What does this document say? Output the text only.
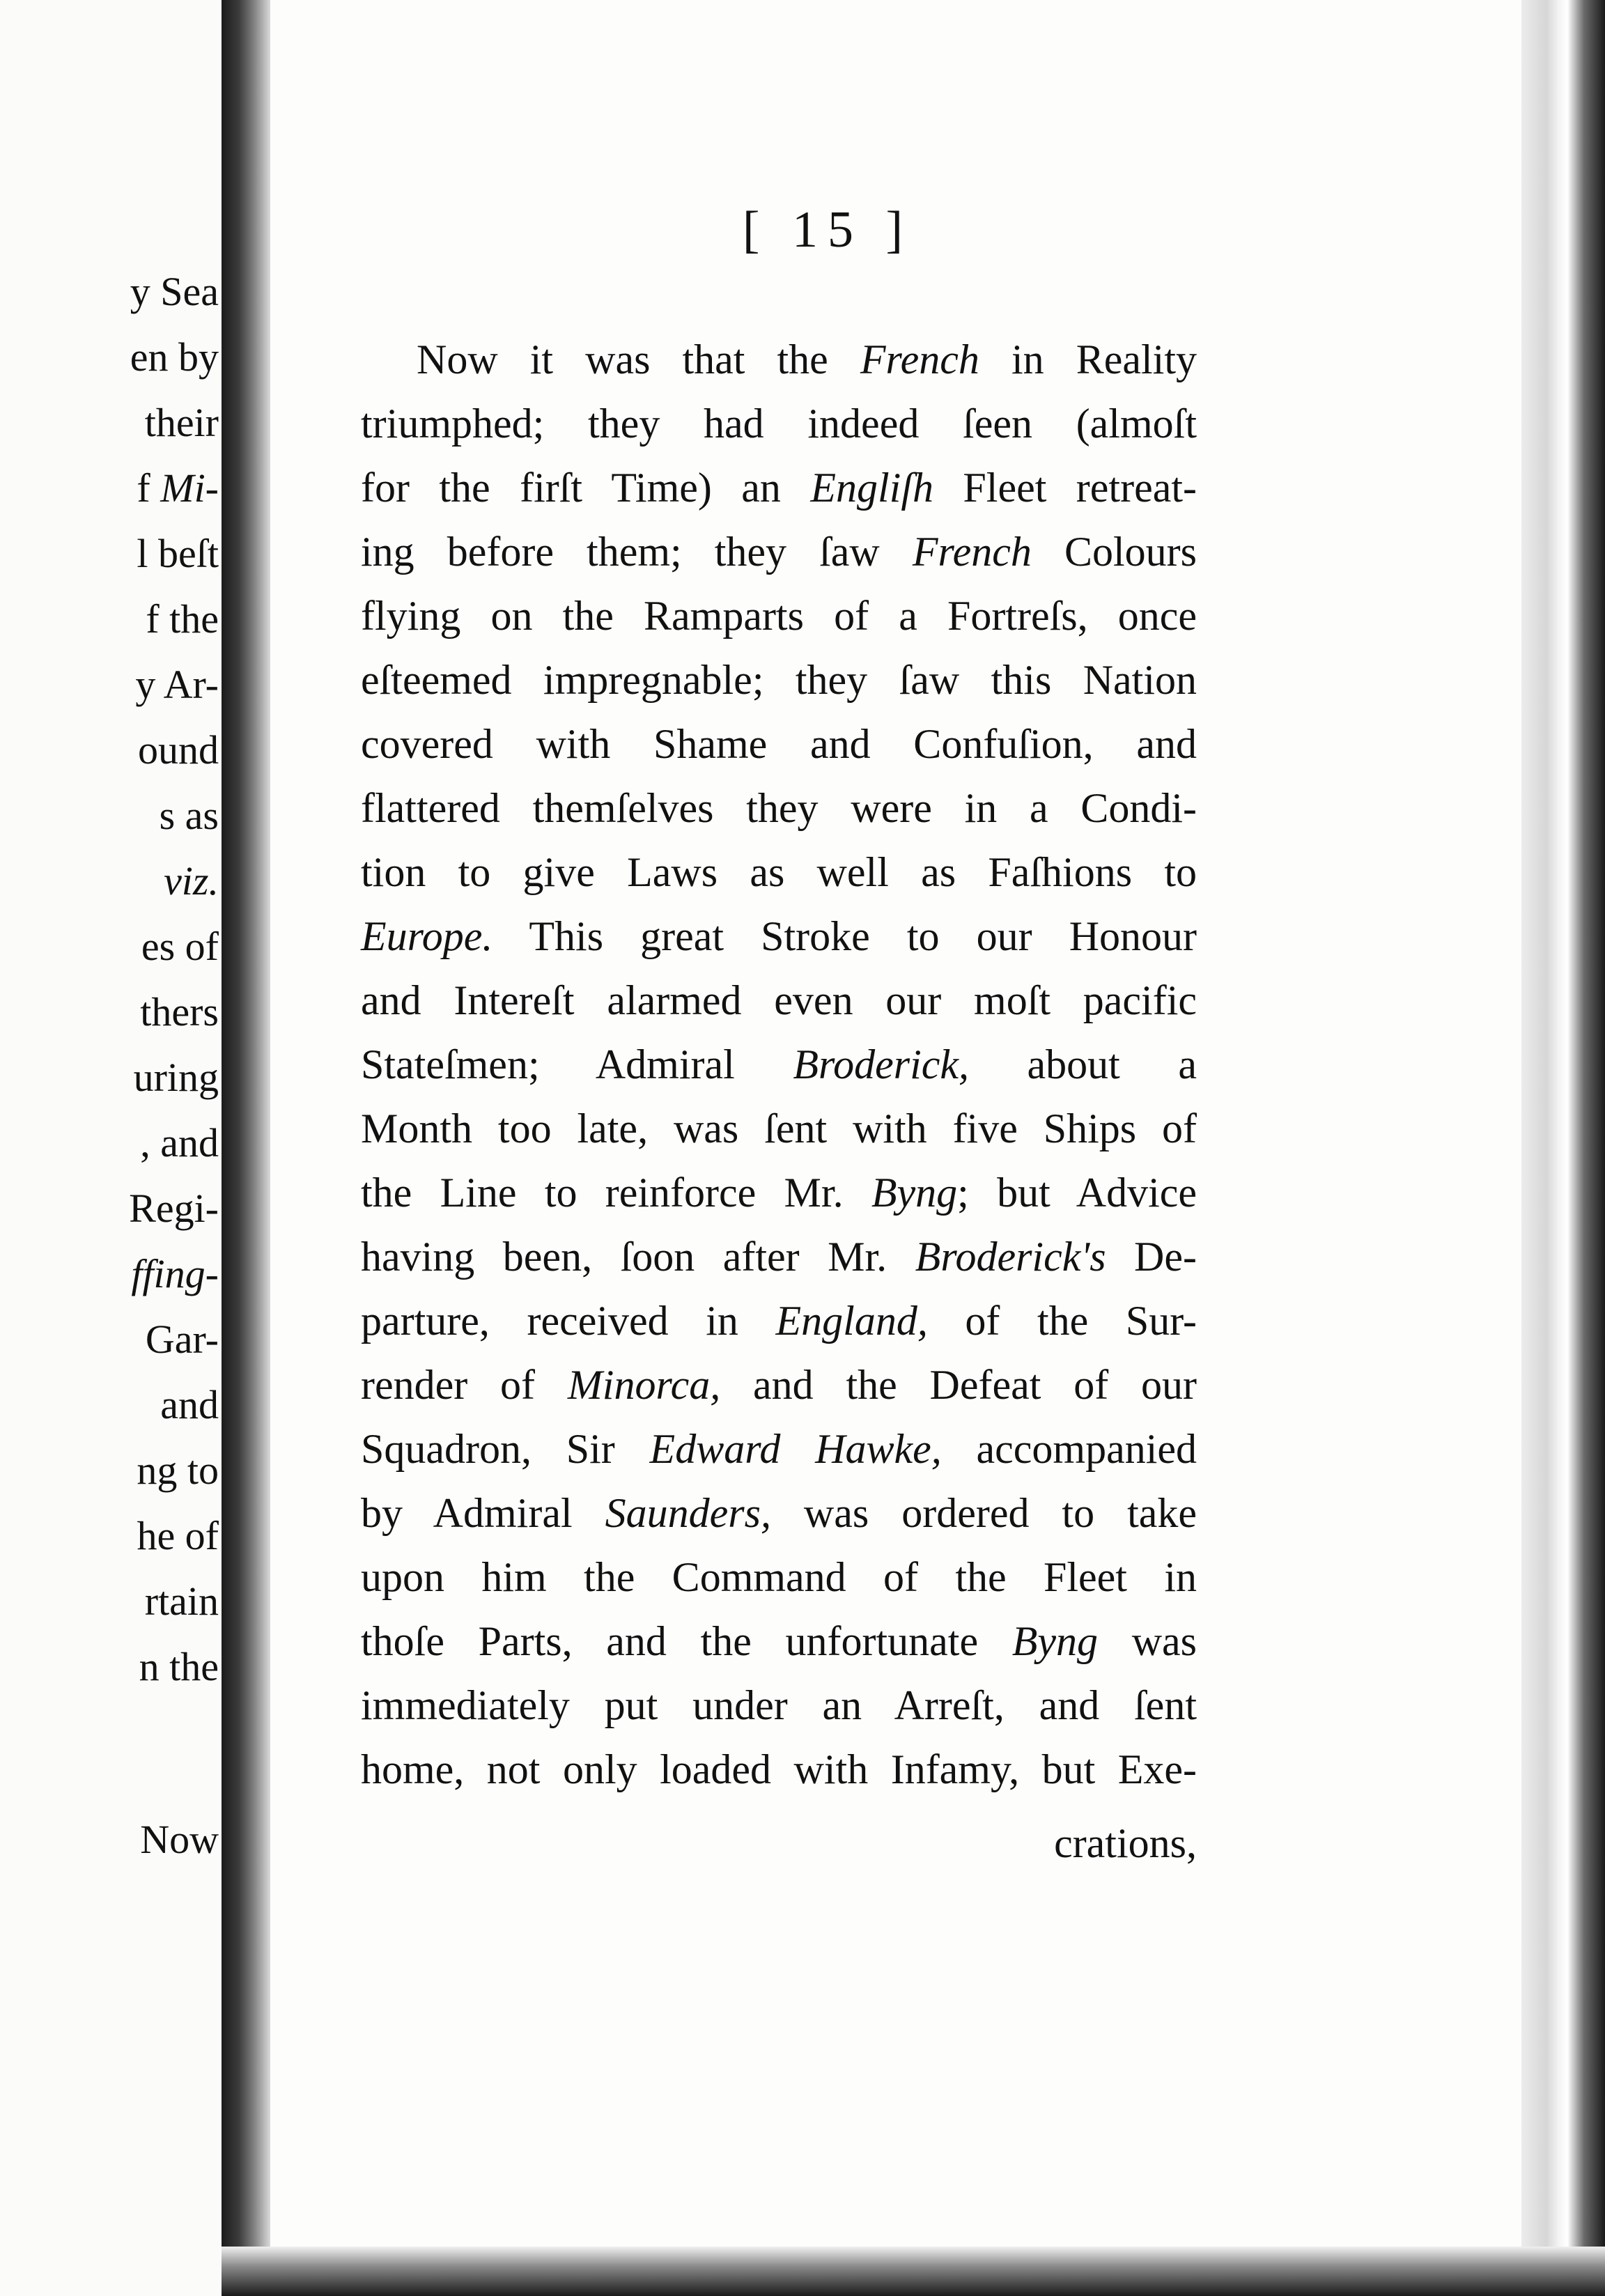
y Sea
en by
their
f Mi-
l beſt
f the
y Ar-
ound
s as
viz.
es of
thers
uring
, and
Regi-
ffing-
Gar-
and
ng to
he of
rtain
n the
Now
[ 15 ]
Now it was that the French in Reality
triumphed; they had indeed ſeen (almoſt
for the firſt Time) an Engliſh Fleet retreat-
ing before them; they ſaw French Colours
flying on the Ramparts of a Fortreſs, once
eſteemed impregnable; they ſaw this Nation
covered with Shame and Confuſion, and
flattered themſelves they were in a Condi-
tion to give Laws as well as Faſhions to
Europe. This great Stroke to our Honour
and Intereſt alarmed even our moſt pacific
Stateſmen; Admiral Broderick, about a
Month too late, was ſent with five Ships of
the Line to reinforce Mr. Byng; but Advice
having been, ſoon after Mr. Broderick's De-
parture, received in England, of the Sur-
render of Minorca, and the Defeat of our
Squadron, Sir Edward Hawke, accompanied
by Admiral Saunders, was ordered to take
upon him the Command of the Fleet in
thoſe Parts, and the unfortunate Byng was
immediately put under an Arreſt, and ſent
home, not only loaded with Infamy, but Exe-
crations,
